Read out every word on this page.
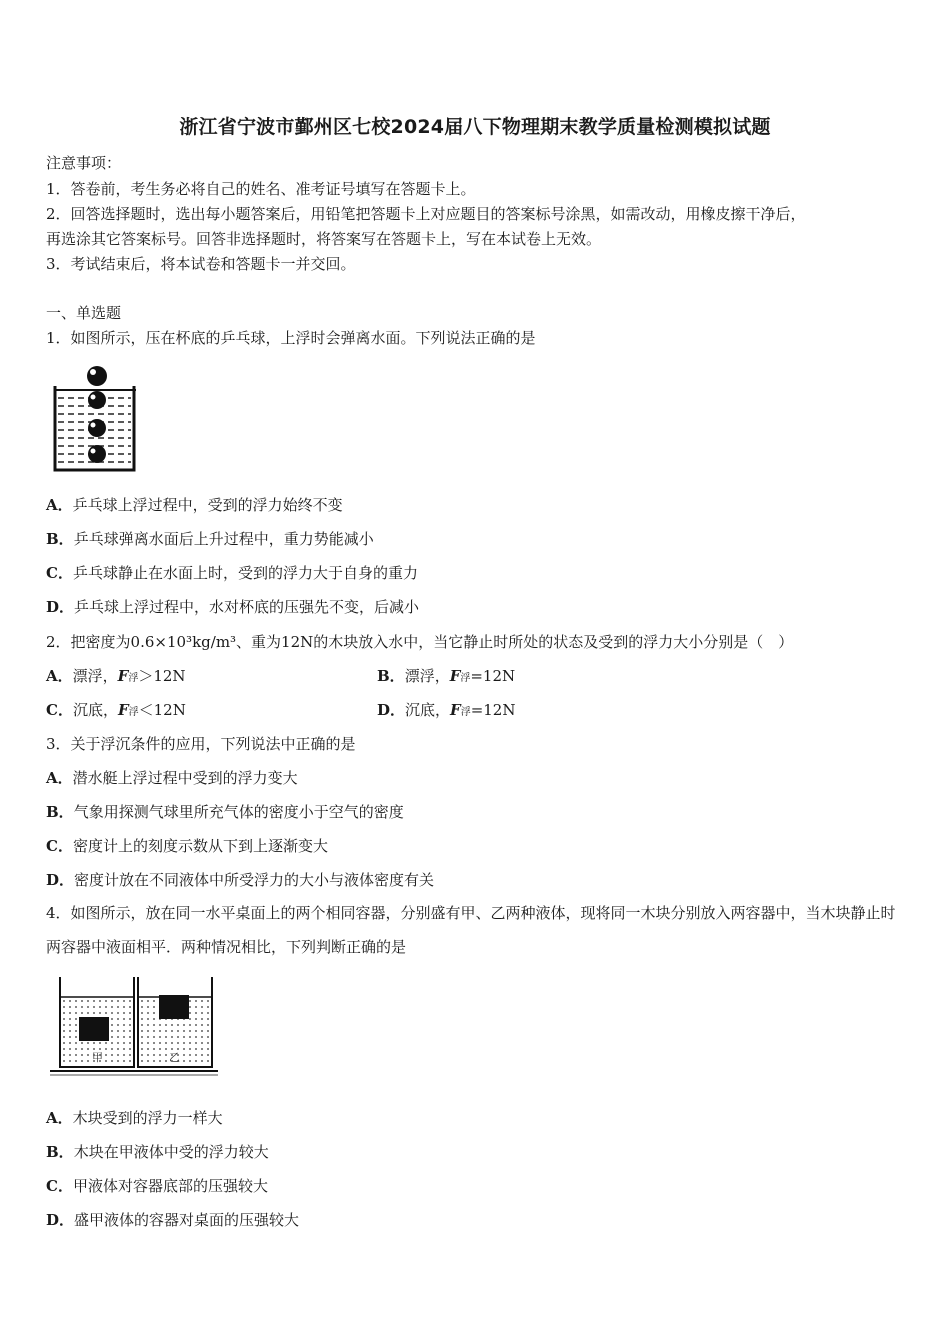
浙江省宁波市鄞州区七校2024届八下物理期末教学质量检测模拟试题
注意事项：
1．答卷前，考生务必将自己的姓名、准考证号填写在答题卡上。
2．回答选择题时，选出每小题答案后，用铅笔把答题卡上对应题目的答案标号涂黑，如需改动，用橡皮擦干净后，
再选涂其它答案标号。回答非选择题时，将答案写在答题卡上，写在本试卷上无效。
3．考试结束后，将本试卷和答题卡一并交回。
一、单选题
1．如图所示，压在杯底的乒乓球，上浮时会弹离水面。下列说法正确的是
A．乒乓球上浮过程中，受到的浮力始终不变
B．乒乓球弹离水面后上升过程中，重力势能减小
C．乒乓球静止在水面上时，受到的浮力大于自身的重力
D．乒乓球上浮过程中，水对杯底的压强先不变，后减小
2．把密度为0.6×10³kg/m³、重为12N的木块放入水中，当它静止时所处的状态及受到的浮力大小分别是（　）
A．漂浮，F浮＞12N	B．漂浮，F浮=12N
C．沉底，F浮＜12N	D．沉底，F浮=12N
3．关于浮沉条件的应用，下列说法中正确的是
A．潜水艇上浮过程中受到的浮力变大
B．气象用探测气球里所充气体的密度小于空气的密度
C．密度计上的刻度示数从下到上逐渐变大
D．密度计放在不同液体中所受浮力的大小与液体密度有关
4．如图所示，放在同一水平桌面上的两个相同容器，分别盛有甲、乙两种液体，现将同一木块分别放入两容器中，当木块静止时两容器中液面相平．两种情况相比，下列判断正确的是
甲	乙
A．木块受到的浮力一样大
B．木块在甲液体中受的浮力较大
C．甲液体对容器底部的压强较大
D．盛甲液体的容器对桌面的压强较大
